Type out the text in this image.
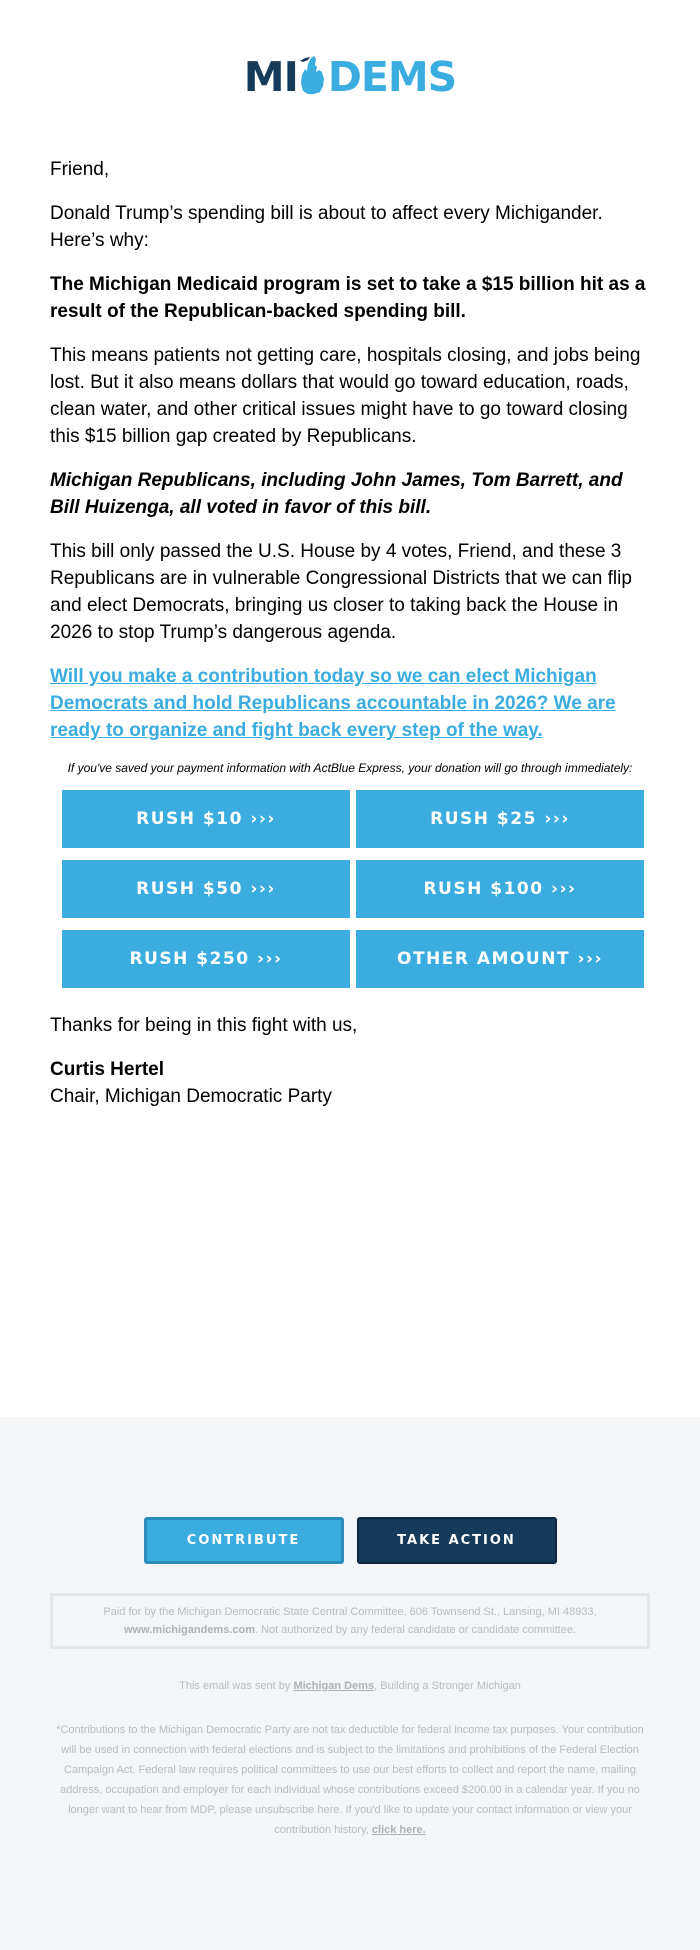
MI DEMS

Friend,

Donald Trump’s spending bill is about to affect every Michigander. Here’s why:

The Michigan Medicaid program is set to take a $15 billion hit as a result of the Republican-backed spending bill.

This means patients not getting care, hospitals closing, and jobs being lost. But it also means dollars that would go toward education, roads, clean water, and other critical issues might have to go toward closing this $15 billion gap created by Republicans.

Michigan Republicans, including John James, Tom Barrett, and Bill Huizenga, all voted in favor of this bill.

This bill only passed the U.S. House by 4 votes, Friend, and these 3 Republicans are in vulnerable Congressional Districts that we can flip and elect Democrats, bringing us closer to taking back the House in 2026 to stop Trump’s dangerous agenda.

Will you make a contribution today so we can elect Michigan Democrats and hold Republicans accountable in 2026? We are ready to organize and fight back every step of the way.

If you've saved your payment information with ActBlue Express, your donation will go through immediately:

RUSH $10 ›››	RUSH $25 ›››
RUSH $50 ›››	RUSH $100 ›››
RUSH $250 ›››	OTHER AMOUNT ›››

Thanks for being in this fight with us,

Curtis Hertel
Chair, Michigan Democratic Party
CONTRIBUTE	TAKE ACTION
Paid for by the Michigan Democratic State Central Committee, 606 Townsend St., Lansing, MI 48933,
www.michigandems.com. Not authorized by any federal candidate or candidate committee.
This email was sent by Michigan Dems, Building a Stronger Michigan
*Contributions to the Michigan Democratic Party are not tax deductible for federal income tax purposes. Your contribution will be used in connection with federal elections and is subject to the limitations and prohibitions of the Federal Election Campaign Act. Federal law requires political committees to use our best efforts to collect and report the name, mailing address, occupation and employer for each individual whose contributions exceed $200.00 in a calendar year. If you no longer want to hear from MDP, please unsubscribe here. If you'd like to update your contact information or view your contribution history, click here.
